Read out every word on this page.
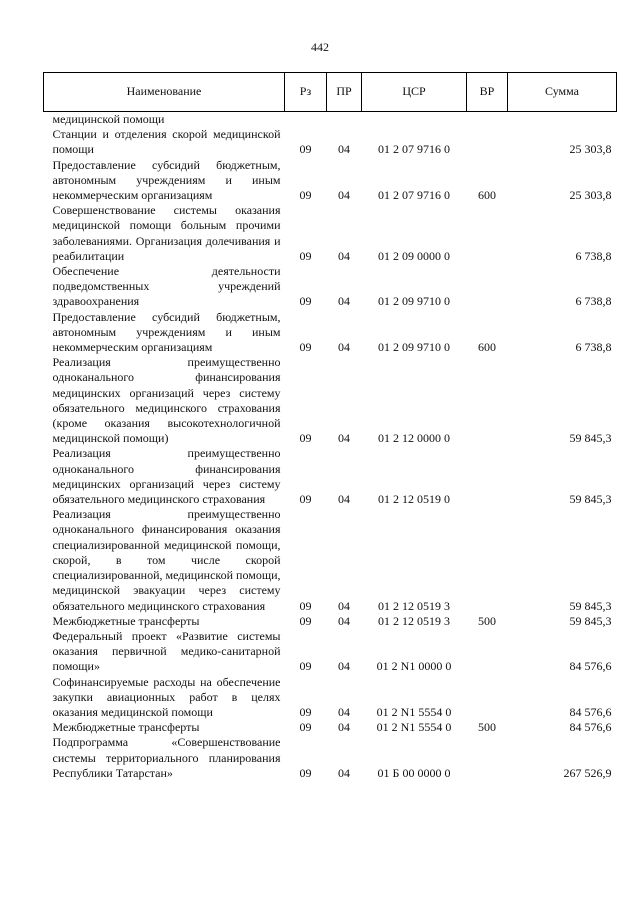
442
Наименование	Рз	ПР	ЦСР	ВР	Сумма
медицинской помощи					
Станции и отделения скорой медицинской помощи	09	04	01 2 07 9716 0		25 303,8
Предоставление субсидий бюджетным, автономным учреждениям и иным некоммерческим организациям	09	04	01 2 07 9716 0	600	25 303,8
Совершенствование системы оказания медицинской помощи больным прочими заболеваниями. Организация долечивания и реабилитации	09	04	01 2 09 0000 0		6 738,8
Обеспечение деятельности подведомственных учреждений здравоохранения	09	04	01 2 09 9710 0		6 738,8
Предоставление субсидий бюджетным, автономным учреждениям и иным некоммерческим организациям	09	04	01 2 09 9710 0	600	6 738,8
Реализация преимущественно одноканального финансирования медицинских организаций через систему обязательного медицинского страхования (кроме оказания высокотехнологичной медицинской помощи)	09	04	01 2 12 0000 0		59 845,3
Реализация преимущественно одноканального финансирования медицинских организаций через систему обязательного медицинского страхования	09	04	01 2 12 0519 0		59 845,3
Реализация преимущественно одноканального финансирования оказания специализированной медицинской помощи, скорой, в том числе скорой специализированной, медицинской помощи, медицинской эвакуации через систему обязательного медицинского страхования	09	04	01 2 12 0519 3		59 845,3
Межбюджетные трансферты	09	04	01 2 12 0519 3	500	59 845,3
Федеральный проект «Развитие системы оказания первичной медико-санитарной помощи»	09	04	01 2 N1 0000 0		84 576,6
Софинансируемые расходы на обеспечение закупки авиационных работ в целях оказания медицинской помощи	09	04	01 2 N1 5554 0		84 576,6
Межбюджетные трансферты	09	04	01 2 N1 5554 0	500	84 576,6
Подпрограмма «Совершенствование системы территориального планирования Республики Татарстан»	09	04	01 Б 00 0000 0		267 526,9
